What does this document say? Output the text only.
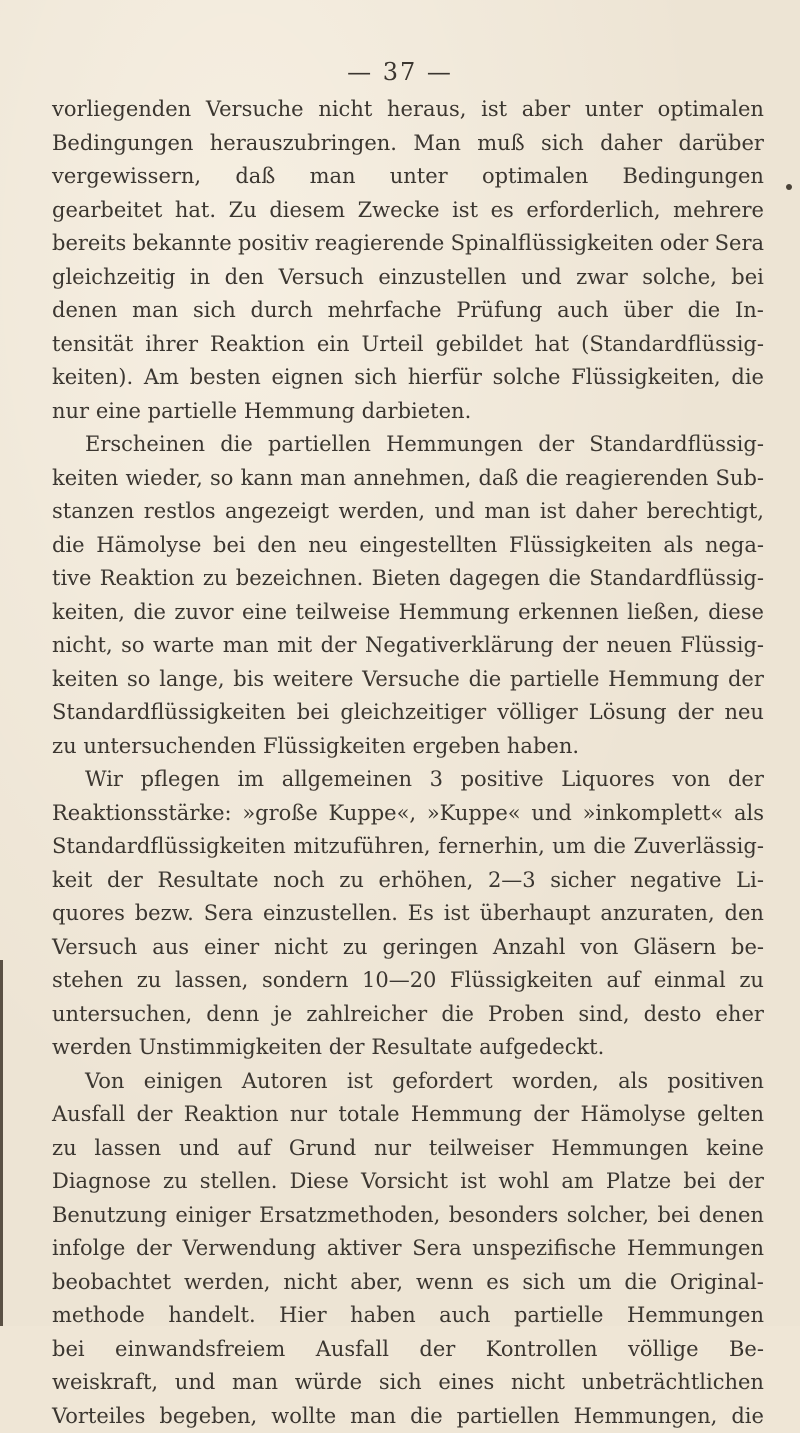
— 37 —
vorliegenden Versuche nicht heraus, ist aber unter optimalen
Bedingungen herauszubringen. Man muß sich daher darüber
vergewissern, daß man unter optimalen Bedingungen
gearbeitet hat. Zu diesem Zwecke ist es erforderlich, mehrere
bereits bekannte positiv reagierende Spinalflüssigkeiten oder Sera
gleichzeitig in den Versuch einzustellen und zwar solche, bei
denen man sich durch mehrfache Prüfung auch über die In-
tensität ihrer Reaktion ein Urteil gebildet hat (Standardflüssig-
keiten). Am besten eignen sich hierfür solche Flüssigkeiten, die
nur eine partielle Hemmung darbieten.
Erscheinen die partiellen Hemmungen der Standardflüssig-
keiten wieder, so kann man annehmen, daß die reagierenden Sub-
stanzen restlos angezeigt werden, und man ist daher berechtigt,
die Hämolyse bei den neu eingestellten Flüssigkeiten als nega-
tive Reaktion zu bezeichnen. Bieten dagegen die Standardflüssig-
keiten, die zuvor eine teilweise Hemmung erkennen ließen, diese
nicht, so warte man mit der Negativerklärung der neuen Flüssig-
keiten so lange, bis weitere Versuche die partielle Hemmung der
Standardflüssigkeiten bei gleichzeitiger völliger Lösung der neu
zu untersuchenden Flüssigkeiten ergeben haben.
Wir pflegen im allgemeinen 3 positive Liquores von der
Reaktionsstärke: »große Kuppe«, »Kuppe« und »inkomplett« als
Standardflüssigkeiten mitzuführen, fernerhin, um die Zuverlässig-
keit der Resultate noch zu erhöhen, 2—3 sicher negative Li-
quores bezw. Sera einzustellen. Es ist überhaupt anzuraten, den
Versuch aus einer nicht zu geringen Anzahl von Gläsern be-
stehen zu lassen, sondern 10—20 Flüssigkeiten auf einmal zu
untersuchen, denn je zahlreicher die Proben sind, desto eher
werden Unstimmigkeiten der Resultate aufgedeckt.
Von einigen Autoren ist gefordert worden, als positiven
Ausfall der Reaktion nur totale Hemmung der Hämolyse gelten
zu lassen und auf Grund nur teilweiser Hemmungen keine
Diagnose zu stellen. Diese Vorsicht ist wohl am Platze bei der
Benutzung einiger Ersatzmethoden, besonders solcher, bei denen
infolge der Verwendung aktiver Sera unspezifische Hemmungen
beobachtet werden, nicht aber, wenn es sich um die Original-
methode handelt. Hier haben auch partielle Hemmungen
bei einwandsfreiem Ausfall der Kontrollen völlige Be-
weiskraft, und man würde sich eines nicht unbeträchtlichen
Vorteiles begeben, wollte man die partiellen Hemmungen, die
